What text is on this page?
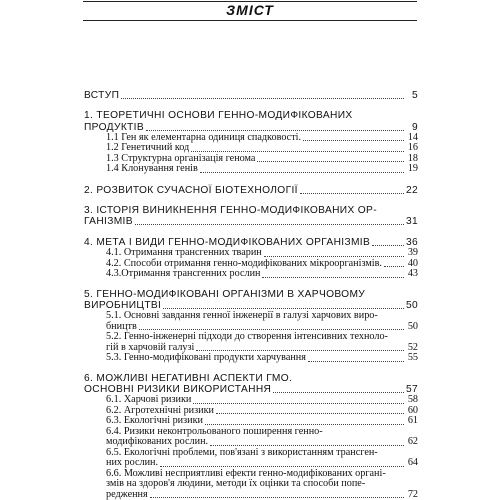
ЗМІСТ
ВСТУП	5
1. ТЕОРЕТИЧНІ ОСНОВИ ГЕННО-МОДИФІКОВАНИХ
ПРОДУКТІВ	9
1.1 Ген як елементарна одиниця спадковості.	14
1.2 Генетичний код	16
1.3 Структурна організація генома	18
1.4 Клонування генів	19
2. РОЗВИТОК СУЧАСНОЇ БІОТЕХНОЛОГІЇ	22
3. ІСТОРІЯ ВИНИКНЕННЯ ГЕННО-МОДИФІКОВАНИХ ОР-
ГАНІЗМІВ	31
4. МЕТА І ВИДИ ГЕННО-МОДИФІКОВАНИХ ОРГАНІЗМІВ	36
4.1. Отримання трансгенних тварин	39
4.2. Способи отримання генно-модифікованих мікроорганізмів.	40
4.3.Отримання трансгенних рослин	43
5. ГЕННО-МОДИФІКОВАНІ ОРГАНІЗМИ В ХАРЧОВОМУ
ВИРОБНИЦТВІ	50
5.1. Основні завдання генної інженерії в галузі харчових виро-
бництв	50
5.2. Генно-інженерні підходи до створення інтенсивних техноло-
гій в харчовій галузі	52
5.3. Генно-модифіковані продукти харчування	55
6. МОЖЛИВІ НЕГАТИВНІ АСПЕКТИ ГМО.
ОСНОВНІ РИЗИКИ ВИКОРИСТАННЯ	57
6.1. Харчові ризики	58
6.2. Агротехнічні ризики	60
6.3. Екологічні ризики	61
6.4. Ризики неконтрольованого поширення генно-
модифікованих рослин.	62
6.5. Екологічні проблеми, пов'язані з використанням трансген-
них рослин.	64
6.6. Можливі несприятливі ефекти генно-модифікованих органі-
змів на здоров'я людини, методи їх оцінки та способи попе-
редження	72
